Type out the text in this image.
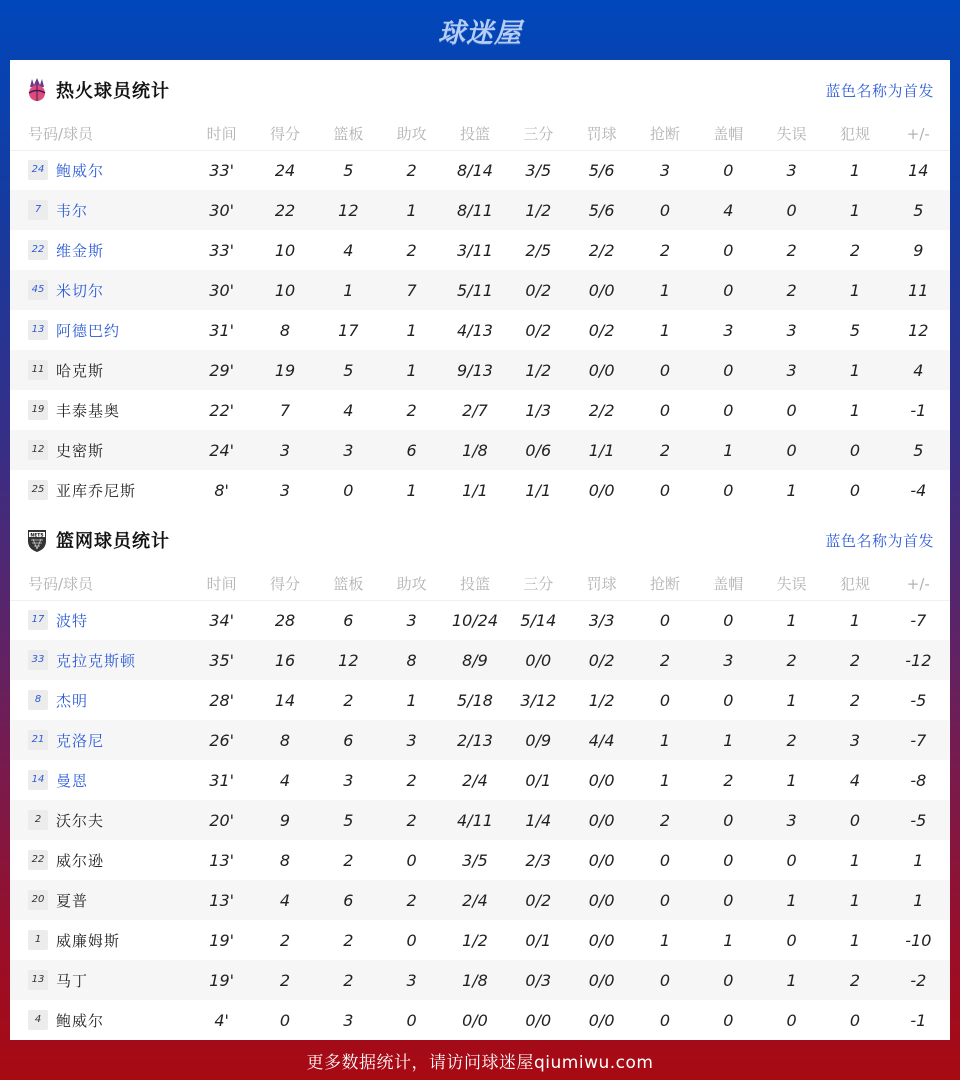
球迷屋
热火球员统计	蓝色名称为首发
号码/球员	时间	得分	篮板	助攻	投篮	三分	罚球	抢断	盖帽	失误	犯规	+/-
24 鲍威尔	33'	24	5	2	8/14	3/5	5/6	3	0	3	1	14
7 韦尔	30'	22	12	1	8/11	1/2	5/6	0	4	0	1	5
22 维金斯	33'	10	4	2	3/11	2/5	2/2	2	0	2	2	9
45 米切尔	30'	10	1	7	5/11	0/2	0/0	1	0	2	1	11
13 阿德巴约	31'	8	17	1	4/13	0/2	0/2	1	3	3	5	12
11 哈克斯	29'	19	5	1	9/13	1/2	0/0	0	0	3	1	4
19 丰泰基奥	22'	7	4	2	2/7	1/3	2/2	0	0	0	1	-1
12 史密斯	24'	3	3	6	1/8	0/6	1/1	2	1	0	0	5
25 亚库乔尼斯	8'	3	0	1	1/1	1/1	0/0	0	0	1	0	-4
NETS 篮网球员统计	蓝色名称为首发
号码/球员	时间	得分	篮板	助攻	投篮	三分	罚球	抢断	盖帽	失误	犯规	+/-
17 波特	34'	28	6	3	10/24	5/14	3/3	0	0	1	1	-7
33 克拉克斯顿	35'	16	12	8	8/9	0/0	0/2	2	3	2	2	-12
8 杰明	28'	14	2	1	5/18	3/12	1/2	0	0	1	2	-5
21 克洛尼	26'	8	6	3	2/13	0/9	4/4	1	1	2	3	-7
14 曼恩	31'	4	3	2	2/4	0/1	0/0	1	2	1	4	-8
2 沃尔夫	20'	9	5	2	4/11	1/4	0/0	2	0	3	0	-5
22 威尔逊	13'	8	2	0	3/5	2/3	0/0	0	0	0	1	1
20 夏普	13'	4	6	2	2/4	0/2	0/0	0	0	1	1	1
1 威廉姆斯	19'	2	2	0	1/2	0/1	0/0	1	1	0	1	-10
13 马丁	19'	2	2	3	1/8	0/3	0/0	0	0	1	2	-2
4 鲍威尔	4'	0	3	0	0/0	0/0	0/0	0	0	0	0	-1
更多数据统计，请访问球迷屋qiumiwu.com
